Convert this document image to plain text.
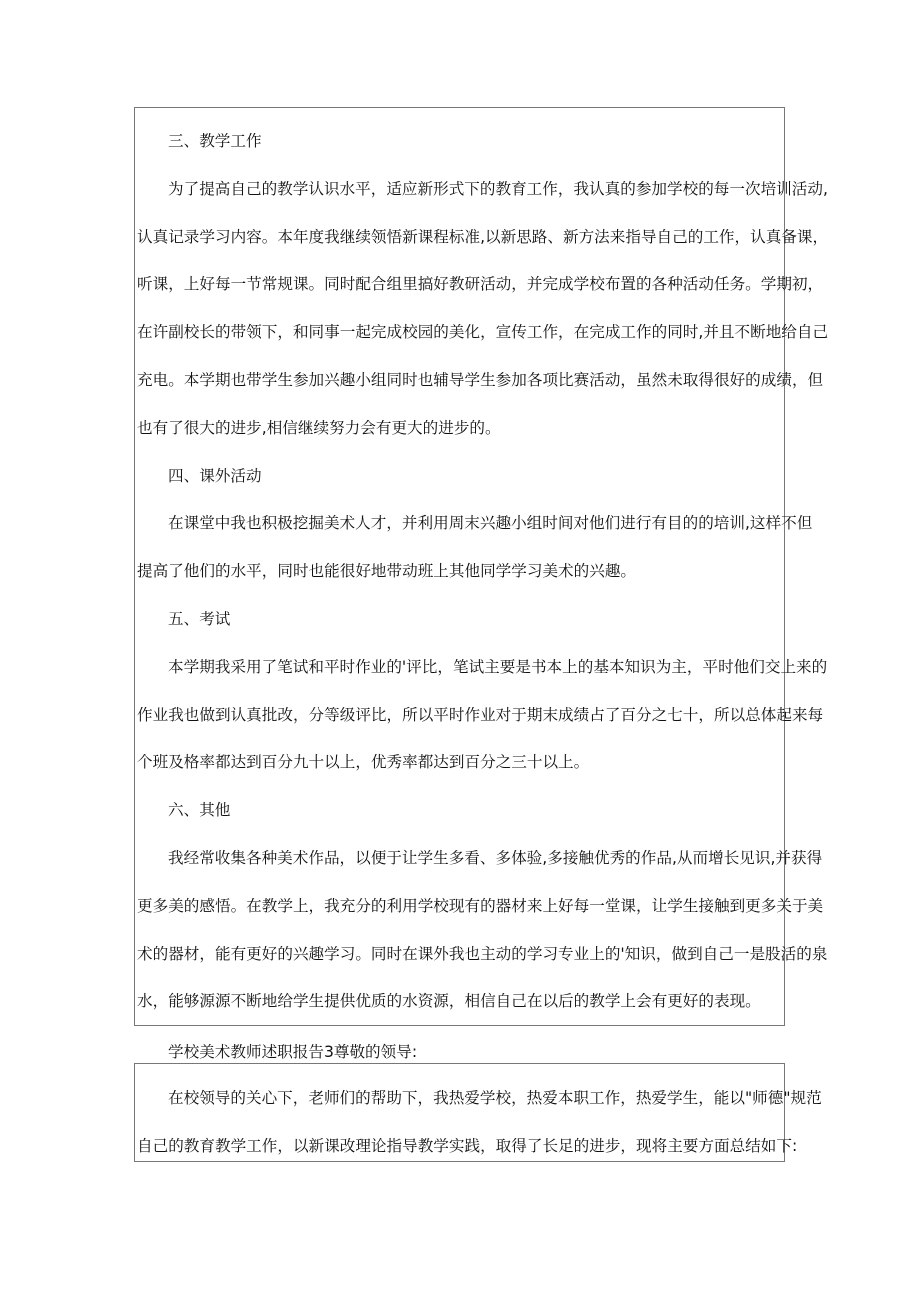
三、教学工作
为了提高自己的教学认识水平，适应新形式下的教育工作，我认真的参加学校的每一次培训活动,
认真记录学习内容。本年度我继续领悟新课程标准,以新思路、新方法来指导自己的工作，认真备课，
听课，上好每一节常规课。同时配合组里搞好教研活动，并完成学校布置的各种活动任务。学期初，
在许副校长的带领下，和同事一起完成校园的美化，宣传工作，在完成工作的同时,并且不断地给自己
充电。本学期也带学生参加兴趣小组同时也辅导学生参加各项比赛活动，虽然未取得很好的成绩，但
也有了很大的进步,相信继续努力会有更大的进步的。
四、课外活动
在课堂中我也积极挖掘美术人才，并利用周末兴趣小组时间对他们进行有目的的培训,这样不但
提高了他们的水平，同时也能很好地带动班上其他同学学习美术的兴趣。
五、考试
本学期我采用了笔试和平时作业的'评比，笔试主要是书本上的基本知识为主，平时他们交上来的
作业我也做到认真批改，分等级评比，所以平时作业对于期末成绩占了百分之七十，所以总体起来每
个班及格率都达到百分九十以上，优秀率都达到百分之三十以上。
六、其他
我经常收集各种美术作品，以便于让学生多看、多体验,多接触优秀的作品,从而增长见识,并获得
更多美的感悟。在教学上，我充分的利用学校现有的器材来上好每一堂课，让学生接触到更多关于美
术的器材，能有更好的兴趣学习。同时在课外我也主动的学习专业上的'知识，做到自己一是股活的泉
水，能够源源不断地给学生提供优质的水资源，相信自己在以后的教学上会有更好的表现。
学校美术教师述职报告3尊敬的领导:
在校领导的关心下，老师们的帮助下，我热爱学校，热爱本职工作，热爱学生，能以"师德"规范
自己的教育教学工作，以新课改理论指导教学实践，取得了长足的进步，现将主要方面总结如下:
